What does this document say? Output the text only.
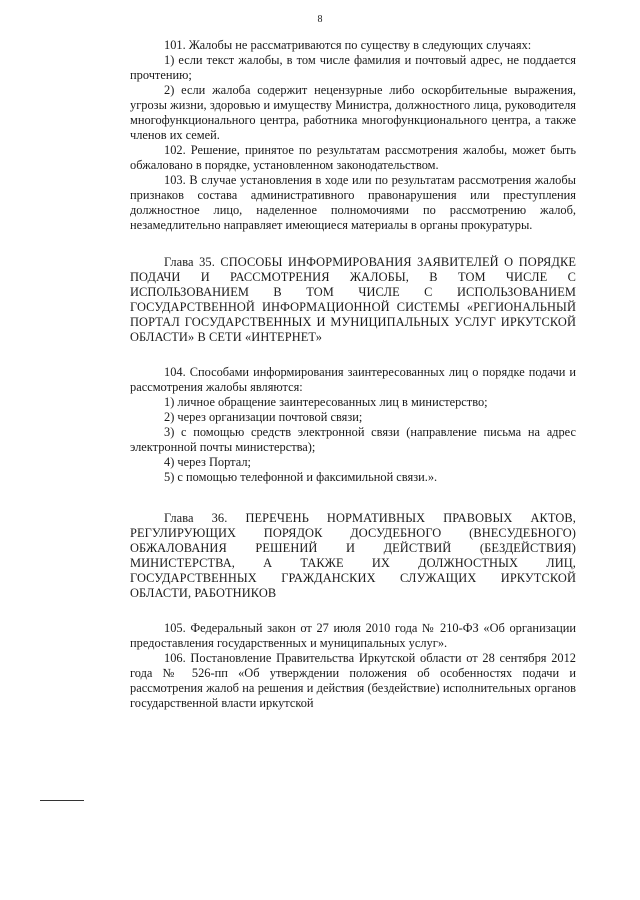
8

101. Жалобы не рассматриваются по существу в следующих случаях:

1) если текст жалобы, в том числе фамилия и почтовый адрес, не поддается прочтению;

2) если жалоба содержит нецензурные либо оскорбительные выражения, угрозы жизни, здоровью и имуществу Министра, должностного лица, руководителя многофункционального центра, работника многофункционального центра, а также членов их семей.

102. Решение, принятое по результатам рассмотрения жалобы, может быть обжаловано в порядке, установленном законодательством.

103. В случае установления в ходе или по результатам рассмотрения жалобы признаков состава административного правонарушения или преступления должностное лицо, наделенное полномочиями по рассмотрению жалоб, незамедлительно направляет имеющиеся материалы в органы прокуратуры.

Глава 35. СПОСОБЫ ИНФОРМИРОВАНИЯ ЗАЯВИТЕЛЕЙ О ПОРЯДКЕ ПОДАЧИ И РАССМОТРЕНИЯ ЖАЛОБЫ, В ТОМ ЧИСЛЕ С ИСПОЛЬЗОВАНИЕМ В ТОМ ЧИСЛЕ С ИСПОЛЬЗОВАНИЕМ ГОСУДАРСТВЕННОЙ ИНФОРМАЦИОННОЙ СИСТЕМЫ «РЕГИОНАЛЬНЫЙ ПОРТАЛ ГОСУДАРСТВЕННЫХ И МУНИЦИПАЛЬНЫХ УСЛУГ ИРКУТСКОЙ ОБЛАСТИ» В СЕТИ «ИНТЕРНЕТ»

104. Способами информирования заинтересованных лиц о порядке подачи и рассмотрения жалобы являются:

1) личное обращение заинтересованных лиц в министерство;

2) через организации почтовой связи;

3) с помощью средств электронной связи (направление письма на адрес электронной почты министерства);

4) через Портал;

5) с помощью телефонной и факсимильной связи.».

Глава 36. ПЕРЕЧЕНЬ НОРМАТИВНЫХ ПРАВОВЫХ АКТОВ, РЕГУЛИРУЮЩИХ ПОРЯДОК ДОСУДЕБНОГО (ВНЕСУДЕБНОГО) ОБЖАЛОВАНИЯ РЕШЕНИЙ И ДЕЙСТВИЙ (БЕЗДЕЙСТВИЯ) МИНИСТЕРСТВА, А ТАКЖЕ ИХ ДОЛЖНОСТНЫХ ЛИЦ, ГОСУДАРСТВЕННЫХ ГРАЖДАНСКИХ СЛУЖАЩИХ ИРКУТСКОЙ ОБЛАСТИ, РАБОТНИКОВ

105. Федеральный закон от 27 июля 2010 года № 210-ФЗ «Об организации предоставления государственных и муниципальных услуг».

106. Постановление Правительства Иркутской области от 28 сентября 2012 года № 526-пп «Об утверждении положения об особенностях подачи и рассмотрения жалоб на решения и действия (бездействие) исполнительных органов государственной власти иркутской
